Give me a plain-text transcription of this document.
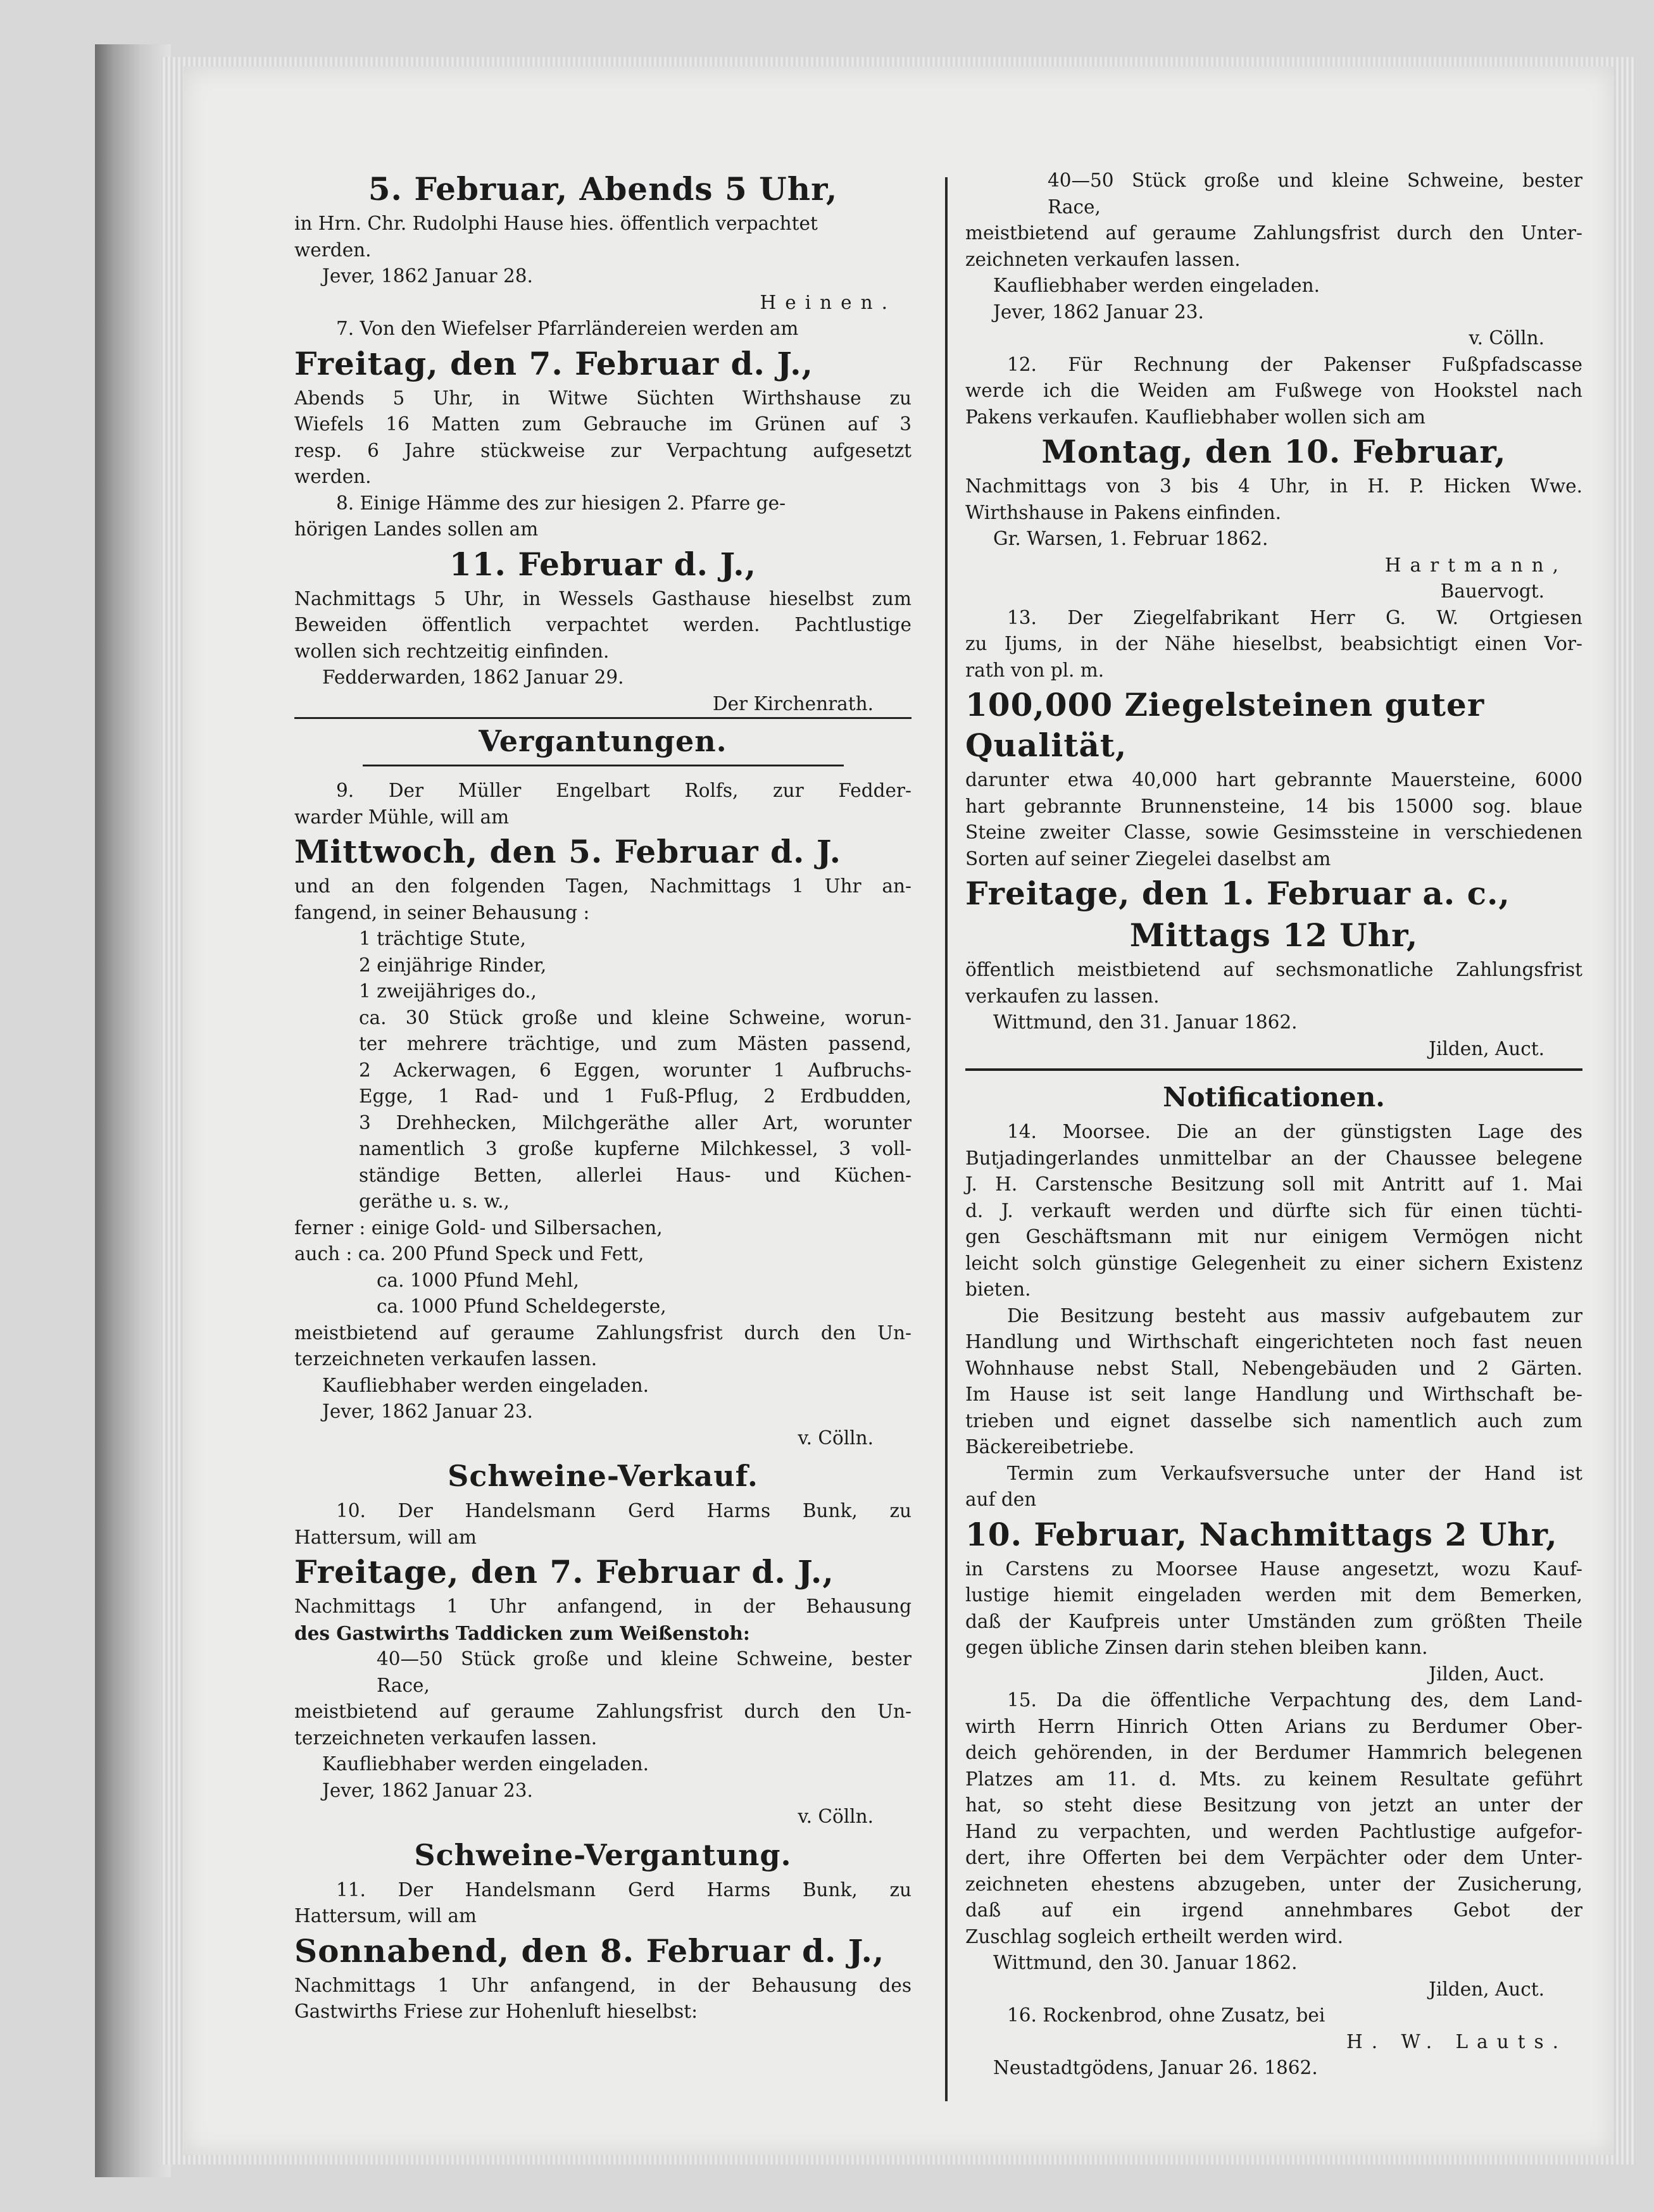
5. Februar, Abends 5 Uhr,

in Hrn. Chr. Rudolphi Hause hies. öffentlich verpachtet

werden.

Jever, 1862 Januar 28.

Heinen.

7. Von den Wiefelser Pfarrländereien werden am

Freitag, den 7. Februar d. J.,

Abends 5 Uhr, in Witwe Süchten Wirthshause zu

Wiefels 16 Matten zum Gebrauche im Grünen auf 3

resp. 6 Jahre stückweise zur Verpachtung aufgesetzt

werden.

8. Einige Hämme des zur hiesigen 2. Pfarre ge-

hörigen Landes sollen am

11. Februar d. J.,

Nachmittags 5 Uhr, in Wessels Gasthause hieselbst zum

Beweiden öffentlich verpachtet werden. Pachtlustige

wollen sich rechtzeitig einfinden.

Fedderwarden, 1862 Januar 29.

Der Kirchenrath.

Vergantungen.

9. Der Müller Engelbart Rolfs, zur Fedder-

warder Mühle, will am

Mittwoch, den 5. Februar d. J.

und an den folgenden Tagen, Nachmittags 1 Uhr an-

fangend, in seiner Behausung :

1 trächtige Stute,

2 einjährige Rinder,

1 zweijähriges do.,

ca. 30 Stück große und kleine Schweine, worun-

ter mehrere trächtige, und zum Mästen passend,

2 Ackerwagen, 6 Eggen, worunter 1 Aufbruchs-

Egge, 1 Rad- und 1 Fuß-Pflug, 2 Erdbudden,

3 Drehhecken, Milchgeräthe aller Art, worunter

namentlich 3 große kupferne Milchkessel, 3 voll-

ständige Betten, allerlei Haus- und Küchen-

geräthe u. s. w.,

ferner : einige Gold- und Silbersachen,

auch : ca. 200 Pfund Speck und Fett,

ca. 1000 Pfund Mehl,

ca. 1000 Pfund Scheldegerste,

meistbietend auf geraume Zahlungsfrist durch den Un-

terzeichneten verkaufen lassen.

Kaufliebhaber werden eingeladen.

Jever, 1862 Januar 23.

v. Cölln.

Schweine-Verkauf.

10. Der Handelsmann Gerd Harms Bunk, zu

Hattersum, will am

Freitage, den 7. Februar d. J.,

Nachmittags 1 Uhr anfangend, in der Behausung

des Gastwirths Taddicken zum Weißenstoh:

40—50 Stück große und kleine Schweine, bester

Race,

meistbietend auf geraume Zahlungsfrist durch den Un-

terzeichneten verkaufen lassen.

Kaufliebhaber werden eingeladen.

Jever, 1862 Januar 23.

v. Cölln.

Schweine-Vergantung.

11. Der Handelsmann Gerd Harms Bunk, zu

Hattersum, will am

Sonnabend, den 8. Februar d. J.,

Nachmittags 1 Uhr anfangend, in der Behausung des

Gastwirths Friese zur Hohenluft hieselbst:

40—50 Stück große und kleine Schweine, bester

Race,

meistbietend auf geraume Zahlungsfrist durch den Unter-

zeichneten verkaufen lassen.

Kaufliebhaber werden eingeladen.

Jever, 1862 Januar 23.

v. Cölln.

12. Für Rechnung der Pakenser Fußpfadscasse

werde ich die Weiden am Fußwege von Hookstel nach

Pakens verkaufen. Kaufliebhaber wollen sich am

Montag, den 10. Februar,

Nachmittags von 3 bis 4 Uhr, in H. P. Hicken Wwe.

Wirthshause in Pakens einfinden.

Gr. Warsen, 1. Februar 1862.

Hartmann,

Bauervogt.

13. Der Ziegelfabrikant Herr G. W. Ortgiesen

zu Ijums, in der Nähe hieselbst, beabsichtigt einen Vor-

rath von pl. m.

100,000 Ziegelsteinen guter Qualität,

darunter etwa 40,000 hart gebrannte Mauersteine, 6000

hart gebrannte Brunnensteine, 14 bis 15000 sog. blaue

Steine zweiter Classe, sowie Gesimssteine in verschiedenen

Sorten auf seiner Ziegelei daselbst am

Freitage, den 1. Februar a. c.,
Mittags 12 Uhr,

öffentlich meistbietend auf sechsmonatliche Zahlungsfrist

verkaufen zu lassen.

Wittmund, den 31. Januar 1862.

Jilden, Auct.

Notificationen.

14. Moorsee. Die an der günstigsten Lage des

Butjadingerlandes unmittelbar an der Chaussee belegene

J. H. Carstensche Besitzung soll mit Antritt auf 1. Mai

d. J. verkauft werden und dürfte sich für einen tüchti-

gen Geschäftsmann mit nur einigem Vermögen nicht

leicht solch günstige Gelegenheit zu einer sichern Existenz

bieten.

Die Besitzung besteht aus massiv aufgebautem zur

Handlung und Wirthschaft eingerichteten noch fast neuen

Wohnhause nebst Stall, Nebengebäuden und 2 Gärten.

Im Hause ist seit lange Handlung und Wirthschaft be-

trieben und eignet dasselbe sich namentlich auch zum

Bäckereibetriebe.

Termin zum Verkaufsversuche unter der Hand ist

auf den

10. Februar, Nachmittags 2 Uhr,

in Carstens zu Moorsee Hause angesetzt, wozu Kauf-

lustige hiemit eingeladen werden mit dem Bemerken,

daß der Kaufpreis unter Umständen zum größten Theile

gegen übliche Zinsen darin stehen bleiben kann.

Jilden, Auct.

15. Da die öffentliche Verpachtung des, dem Land-

wirth Herrn Hinrich Otten Arians zu Berdumer Ober-

deich gehörenden, in der Berdumer Hammrich belegenen

Platzes am 11. d. Mts. zu keinem Resultate geführt

hat, so steht diese Besitzung von jetzt an unter der

Hand zu verpachten, und werden Pachtlustige aufgefor-

dert, ihre Offerten bei dem Verpächter oder dem Unter-

zeichneten ehestens abzugeben, unter der Zusicherung,

daß auf ein irgend annehmbares Gebot der

Zuschlag sogleich ertheilt werden wird.

Wittmund, den 30. Januar 1862.

Jilden, Auct.

16. Rockenbrod, ohne Zusatz, bei

H. W. Lauts.

Neustadtgödens, Januar 26. 1862.
